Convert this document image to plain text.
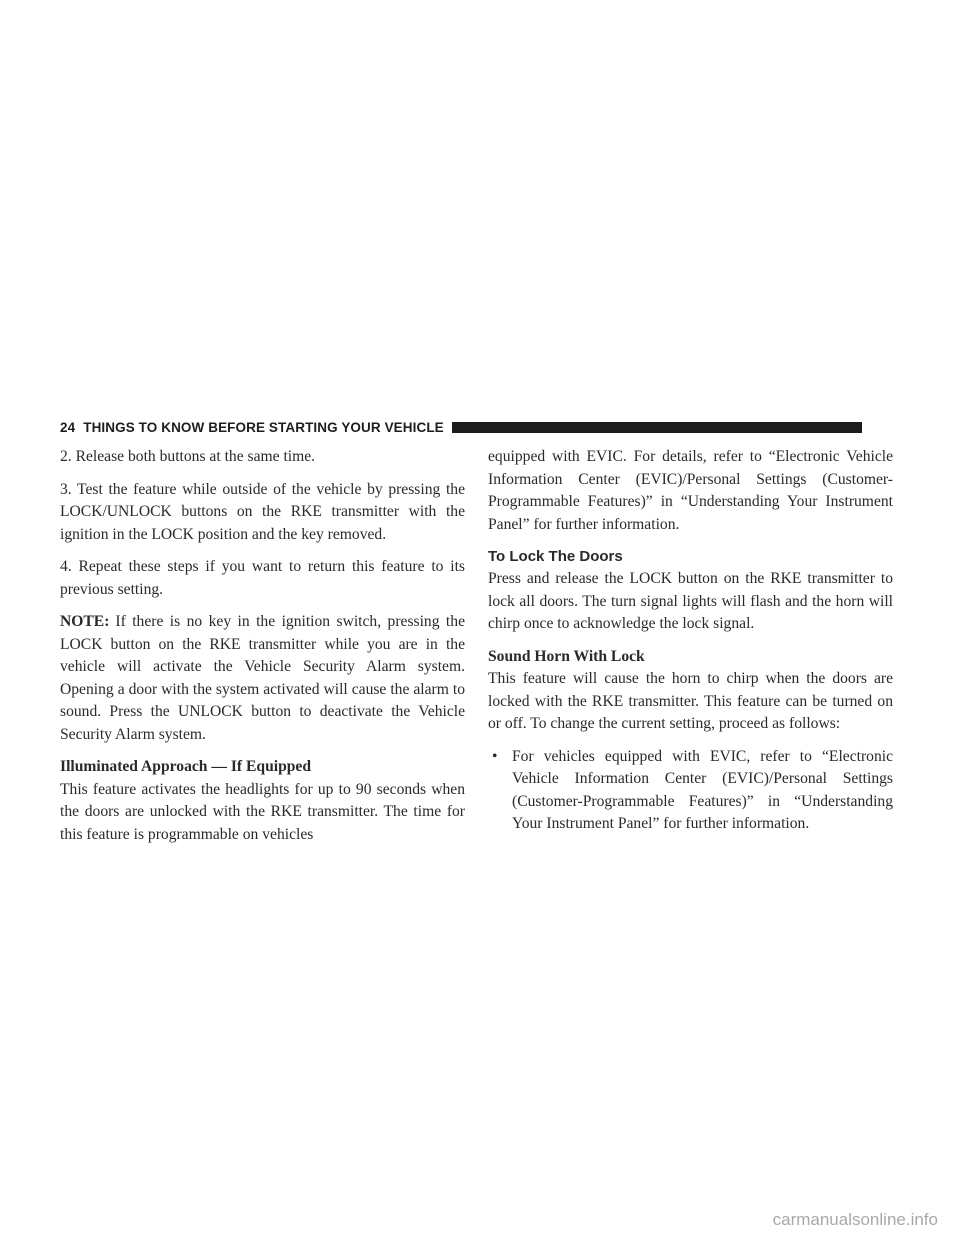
24 THINGS TO KNOW BEFORE STARTING YOUR VEHICLE

2. Release both buttons at the same time.

3. Test the feature while outside of the vehicle by pressing the LOCK/UNLOCK buttons on the RKE transmitter with the ignition in the LOCK position and the key removed.

4. Repeat these steps if you want to return this feature to its previous setting.

NOTE: If there is no key in the ignition switch, pressing the LOCK button on the RKE transmitter while you are in the vehicle will activate the Vehicle Security Alarm system. Opening a door with the system activated will cause the alarm to sound. Press the UNLOCK button to deactivate the Vehicle Security Alarm system.

Illuminated Approach — If Equipped

This feature activates the headlights for up to 90 seconds when the doors are unlocked with the RKE transmitter. The time for this feature is programmable on vehicles

equipped with EVIC. For details, refer to “Electronic Vehicle Information Center (EVIC)/Personal Settings (Customer-Programmable Features)” in “Understanding Your Instrument Panel” for further information.

To Lock The Doors

Press and release the LOCK button on the RKE transmitter to lock all doors. The turn signal lights will flash and the horn will chirp once to acknowledge the lock signal.

Sound Horn With Lock

This feature will cause the horn to chirp when the doors are locked with the RKE transmitter. This feature can be turned on or off. To change the current setting, proceed as follows:

• For vehicles equipped with EVIC, refer to “Electronic Vehicle Information Center (EVIC)/Personal Settings (Customer-Programmable Features)” in “Understanding Your Instrument Panel” for further information.
carmanualsonline.info
